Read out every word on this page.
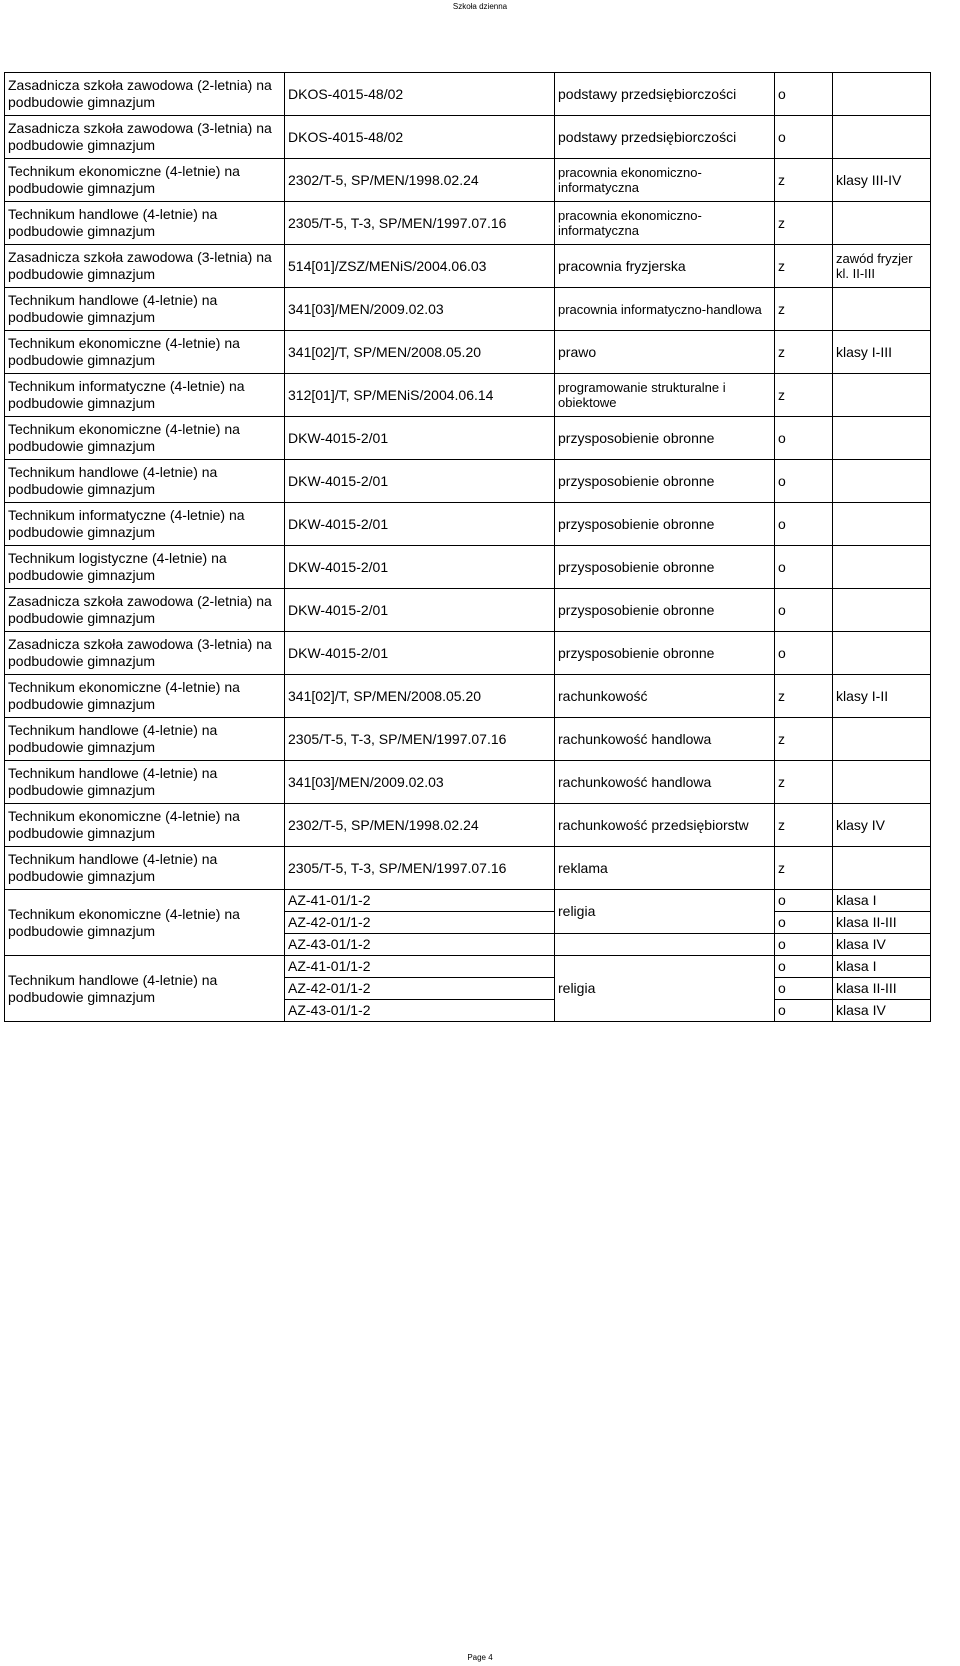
Szkoła dzienna
Zasadnicza szkoła zawodowa (2-letnia) na podbudowie gimnazjum	DKOS-4015-48/02	podstawy przedsiębiorczości	o	
Zasadnicza szkoła zawodowa (3-letnia) na podbudowie gimnazjum	DKOS-4015-48/02	podstawy przedsiębiorczości	o	
Technikum ekonomiczne (4-letnie) na podbudowie gimnazjum	2302/T-5, SP/MEN/1998.02.24	pracownia ekonomiczno-informatyczna	z	klasy III-IV
Technikum handlowe (4-letnie) na podbudowie gimnazjum	2305/T-5, T-3, SP/MEN/1997.07.16	pracownia ekonomiczno-informatyczna	z	
Zasadnicza szkoła zawodowa (3-letnia) na podbudowie gimnazjum	514[01]/ZSZ/MENiS/2004.06.03	pracownia fryzjerska	z	zawód fryzjer kl. II-III
Technikum handlowe (4-letnie) na podbudowie gimnazjum	341[03]/MEN/2009.02.03	pracownia informatyczno-handlowa	z	
Technikum ekonomiczne (4-letnie) na podbudowie gimnazjum	341[02]/T, SP/MEN/2008.05.20	prawo	z	klasy I-III
Technikum informatyczne (4-letnie) na podbudowie gimnazjum	312[01]/T, SP/MENiS/2004.06.14	programowanie strukturalne i obiektowe	z	
Technikum ekonomiczne (4-letnie) na podbudowie gimnazjum	DKW-4015-2/01	przysposobienie obronne	o	
Technikum handlowe (4-letnie) na podbudowie gimnazjum	DKW-4015-2/01	przysposobienie obronne	o	
Technikum informatyczne (4-letnie) na podbudowie gimnazjum	DKW-4015-2/01	przysposobienie obronne	o	
Technikum logistyczne (4-letnie) na podbudowie gimnazjum	DKW-4015-2/01	przysposobienie obronne	o	
Zasadnicza szkoła zawodowa (2-letnia) na podbudowie gimnazjum	DKW-4015-2/01	przysposobienie obronne	o	
Zasadnicza szkoła zawodowa (3-letnia) na podbudowie gimnazjum	DKW-4015-2/01	przysposobienie obronne	o	
Technikum ekonomiczne (4-letnie) na podbudowie gimnazjum	341[02]/T, SP/MEN/2008.05.20	rachunkowość	z	klasy I-II
Technikum handlowe (4-letnie) na podbudowie gimnazjum	2305/T-5, T-3, SP/MEN/1997.07.16	rachunkowość handlowa	z	
Technikum handlowe (4-letnie) na podbudowie gimnazjum	341[03]/MEN/2009.02.03	rachunkowość handlowa	z	
Technikum ekonomiczne (4-letnie) na podbudowie gimnazjum	2302/T-5, SP/MEN/1998.02.24	rachunkowość przedsiębiorstw	z	klasy IV
Technikum handlowe (4-letnie) na podbudowie gimnazjum	2305/T-5, T-3, SP/MEN/1997.07.16	reklama	z	
Technikum ekonomiczne (4-letnie) na podbudowie gimnazjum	AZ-41-01/1-2	religia	o	klasa I
	AZ-42-01/1-2		o	klasa II-III
	AZ-43-01/1-2		o	klasa IV
Technikum handlowe (4-letnie) na podbudowie gimnazjum	AZ-41-01/1-2	religia	o	klasa I
	AZ-42-01/1-2		o	klasa II-III
	AZ-43-01/1-2		o	klasa IV
Page 4
